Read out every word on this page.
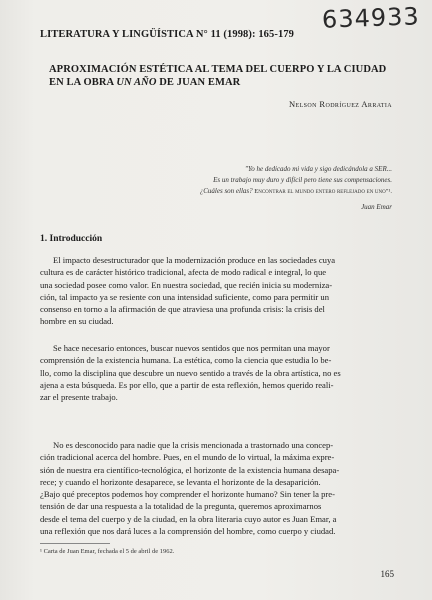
634933
LITERATURA Y LINGÜÍSTICA N° 11 (1998): 165-179
APROXIMACIÓN ESTÉTICA AL TEMA DEL CUERPO Y LA CIUDAD
EN LA OBRA UN AÑO DE JUAN EMAR
Nelson Rodríguez Arratia
"Yo he dedicado mi vida y sigo dedicándola a SER...
Es un trabajo muy duro y difícil pero tiene sus compensaciones.
¿Cuáles son ellas? Encontrar el mundo entero reflejado en uno"¹.
Juan Emar
1. Introducción
El impacto desestructurador que la modernización produce en las sociedades cuya
cultura es de carácter histórico tradicional, afecta de modo radical e integral, lo que
una sociedad posee como valor. En nuestra sociedad, que recién inicia su moderniza-
ción, tal impacto ya se resiente con una intensidad suficiente, como para permitir un
consenso en torno a la afirmación de que atraviesa una profunda crisis: la crisis del
hombre en su ciudad.
Se hace necesario entonces, buscar nuevos sentidos que nos permitan una mayor
comprensión de la existencia humana. La estética, como la ciencia que estudia lo be-
llo, como la disciplina que descubre un nuevo sentido a través de la obra artística, no es
ajena a esta búsqueda. Es por ello, que a partir de esta reflexión, hemos querido reali-
zar el presente trabajo.
No es desconocido para nadie que la crisis mencionada a trastornado una concep-
ción tradicional acerca del hombre. Pues, en el mundo de lo virtual, la máxima expre-
sión de nuestra era científico-tecnológica, el horizonte de la existencia humana desapa-
rece; y cuando el horizonte desaparece, se levanta el horizonte de la desaparición.
¿Bajo qué preceptos podemos hoy comprender el horizonte humano? Sin tener la pre-
tensión de dar una respuesta a la totalidad de la pregunta, queremos aproximarnos
desde el tema del cuerpo y de la ciudad, en la obra literaria cuyo autor es Juan Emar, a
una reflexión que nos dará luces a la comprensión del hombre, como cuerpo y ciudad.
¹ Carta de Juan Emar, fechada el 5 de abril de 1962.
165
